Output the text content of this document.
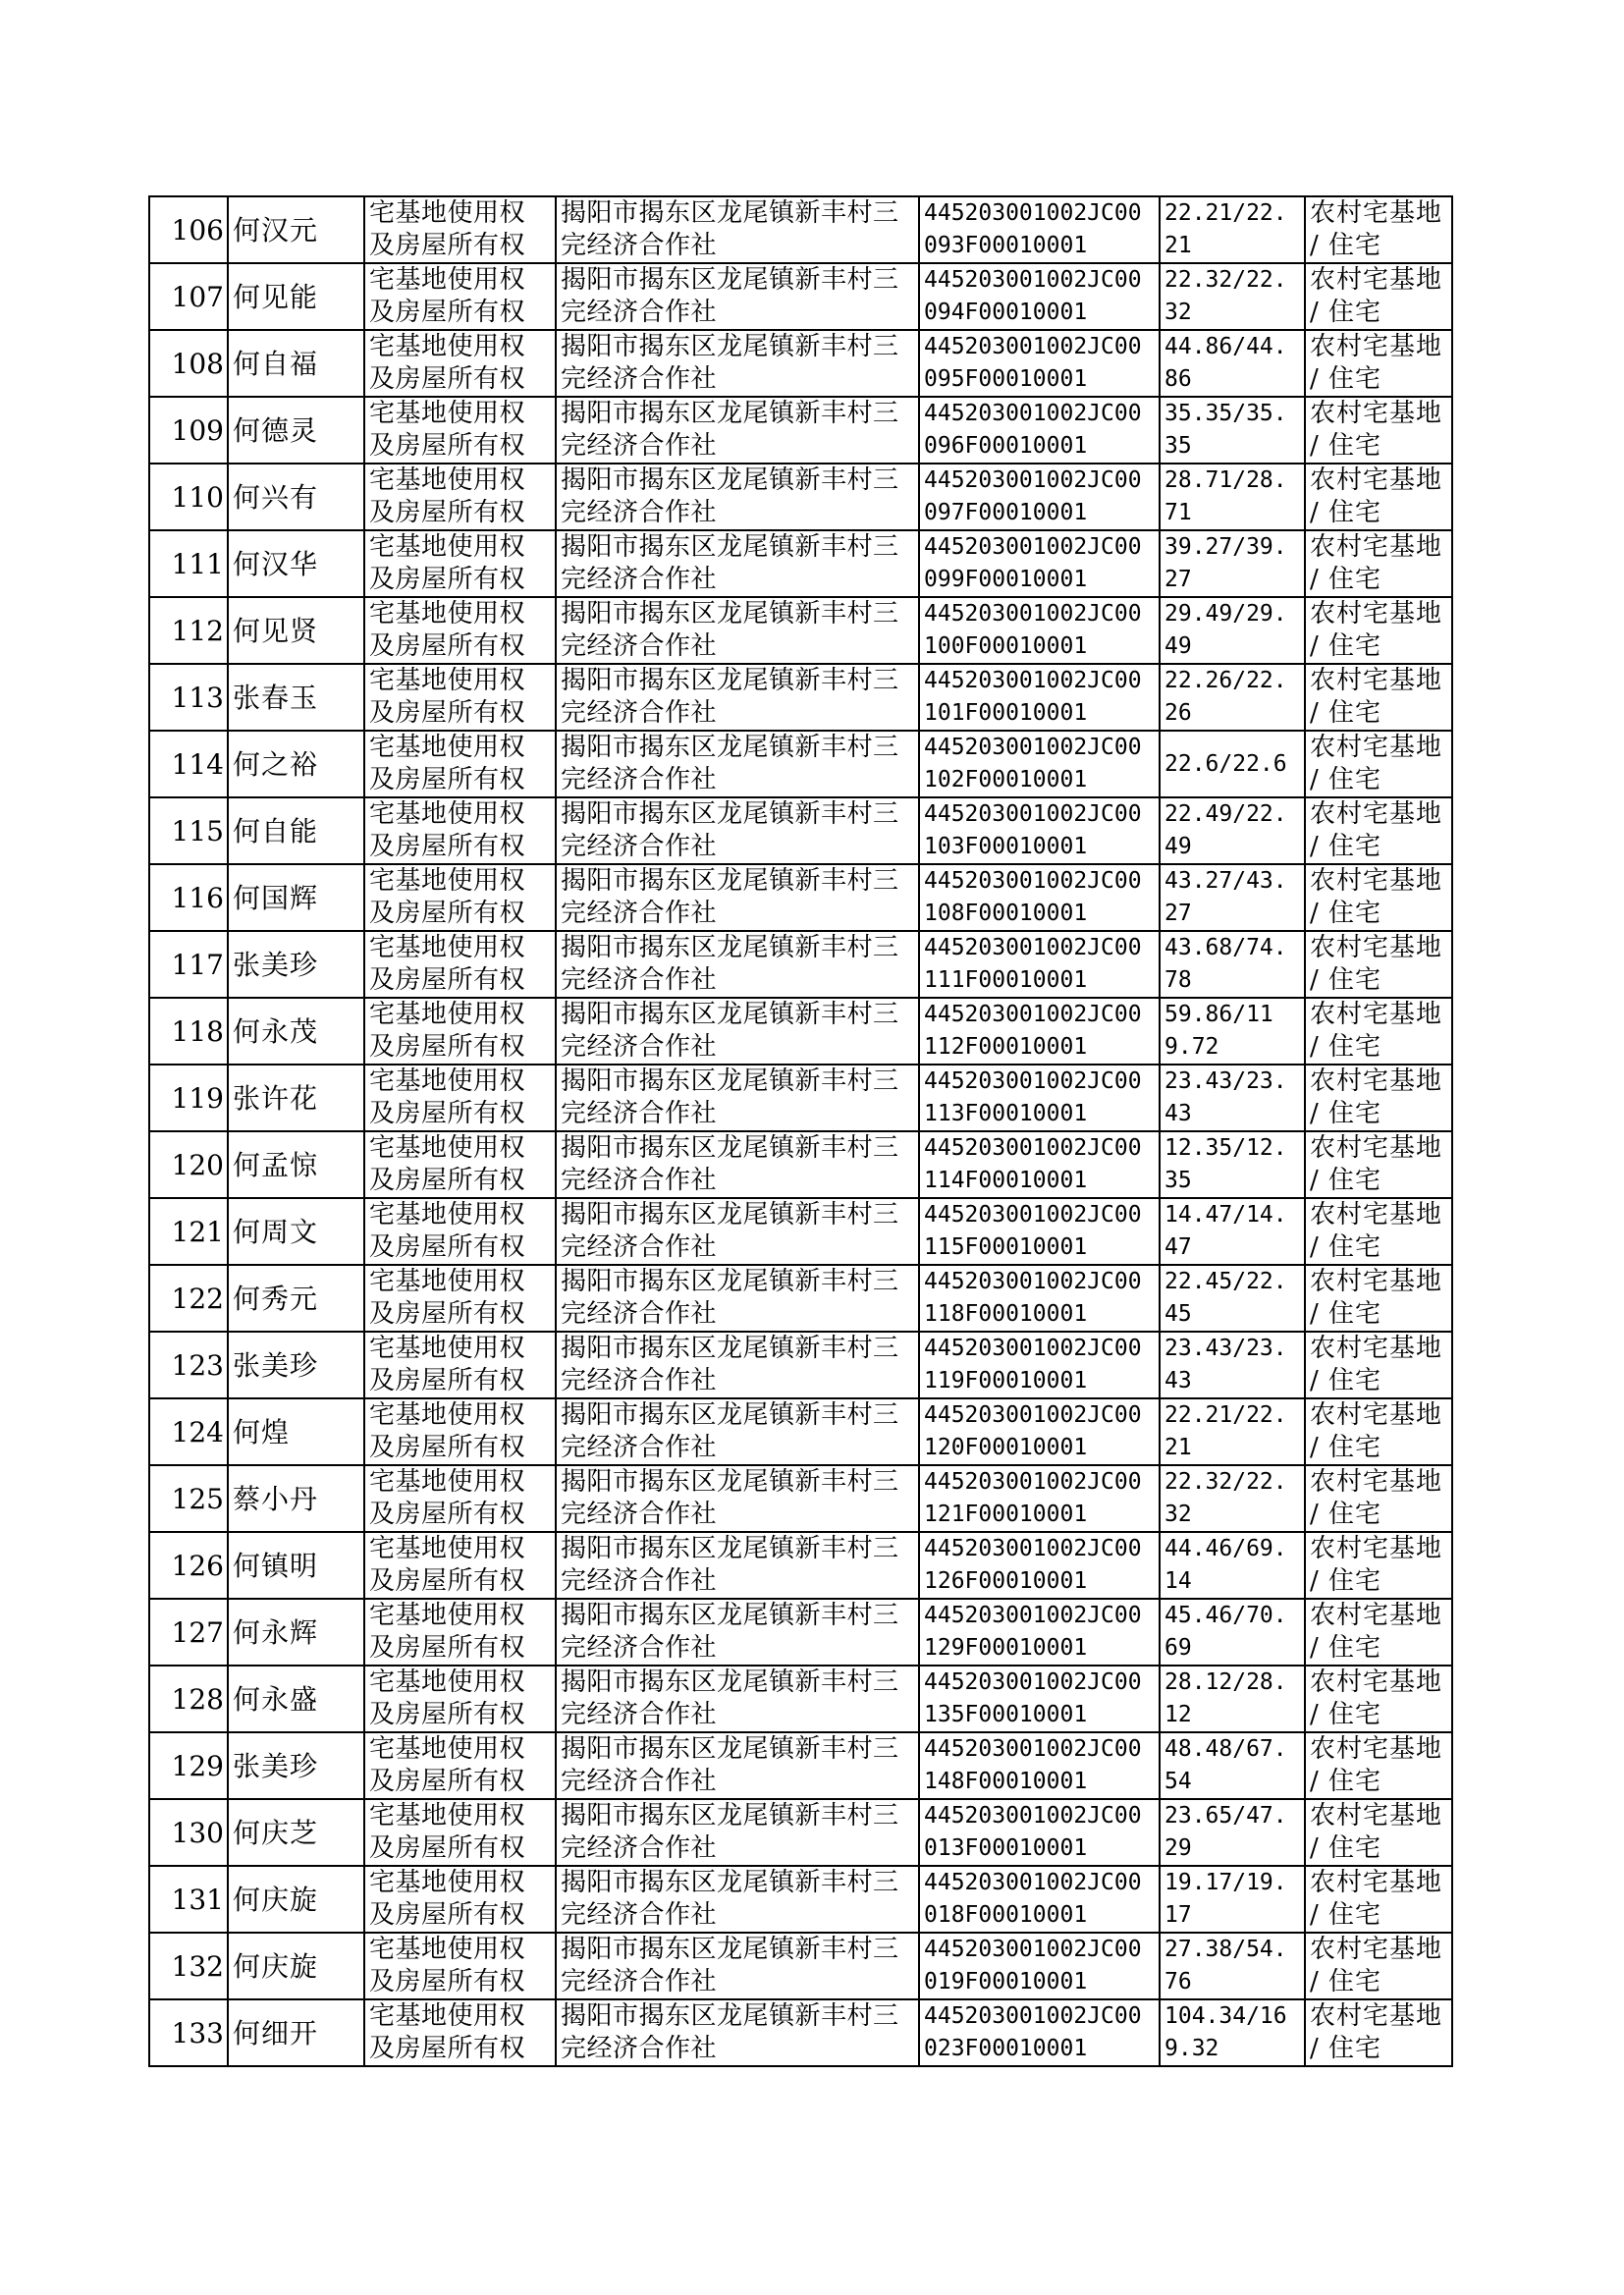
106	何汉元	宅基地使用权及房屋所有权	揭阳市揭东区龙尾镇新丰村三完经济合作社	445203001002JC00093F00010001	22.21/22.21	农村宅基地 / 住宅
107	何见能	宅基地使用权及房屋所有权	揭阳市揭东区龙尾镇新丰村三完经济合作社	445203001002JC00094F00010001	22.32/22.32	农村宅基地 / 住宅
108	何自福	宅基地使用权及房屋所有权	揭阳市揭东区龙尾镇新丰村三完经济合作社	445203001002JC00095F00010001	44.86/44.86	农村宅基地 / 住宅
109	何德灵	宅基地使用权及房屋所有权	揭阳市揭东区龙尾镇新丰村三完经济合作社	445203001002JC00096F00010001	35.35/35.35	农村宅基地 / 住宅
110	何兴有	宅基地使用权及房屋所有权	揭阳市揭东区龙尾镇新丰村三完经济合作社	445203001002JC00097F00010001	28.71/28.71	农村宅基地 / 住宅
111	何汉华	宅基地使用权及房屋所有权	揭阳市揭东区龙尾镇新丰村三完经济合作社	445203001002JC00099F00010001	39.27/39.27	农村宅基地 / 住宅
112	何见贤	宅基地使用权及房屋所有权	揭阳市揭东区龙尾镇新丰村三完经济合作社	445203001002JC00100F00010001	29.49/29.49	农村宅基地 / 住宅
113	张春玉	宅基地使用权及房屋所有权	揭阳市揭东区龙尾镇新丰村三完经济合作社	445203001002JC00101F00010001	22.26/22.26	农村宅基地 / 住宅
114	何之裕	宅基地使用权及房屋所有权	揭阳市揭东区龙尾镇新丰村三完经济合作社	445203001002JC00102F00010001	22.6/22.6	农村宅基地 / 住宅
115	何自能	宅基地使用权及房屋所有权	揭阳市揭东区龙尾镇新丰村三完经济合作社	445203001002JC00103F00010001	22.49/22.49	农村宅基地 / 住宅
116	何国辉	宅基地使用权及房屋所有权	揭阳市揭东区龙尾镇新丰村三完经济合作社	445203001002JC00108F00010001	43.27/43.27	农村宅基地 / 住宅
117	张美珍	宅基地使用权及房屋所有权	揭阳市揭东区龙尾镇新丰村三完经济合作社	445203001002JC00111F00010001	43.68/74.78	农村宅基地 / 住宅
118	何永茂	宅基地使用权及房屋所有权	揭阳市揭东区龙尾镇新丰村三完经济合作社	445203001002JC00112F00010001	59.86/119.72	农村宅基地 / 住宅
119	张许花	宅基地使用权及房屋所有权	揭阳市揭东区龙尾镇新丰村三完经济合作社	445203001002JC00113F00010001	23.43/23.43	农村宅基地 / 住宅
120	何孟惊	宅基地使用权及房屋所有权	揭阳市揭东区龙尾镇新丰村三完经济合作社	445203001002JC00114F00010001	12.35/12.35	农村宅基地 / 住宅
121	何周文	宅基地使用权及房屋所有权	揭阳市揭东区龙尾镇新丰村三完经济合作社	445203001002JC00115F00010001	14.47/14.47	农村宅基地 / 住宅
122	何秀元	宅基地使用权及房屋所有权	揭阳市揭东区龙尾镇新丰村三完经济合作社	445203001002JC00118F00010001	22.45/22.45	农村宅基地 / 住宅
123	张美珍	宅基地使用权及房屋所有权	揭阳市揭东区龙尾镇新丰村三完经济合作社	445203001002JC00119F00010001	23.43/23.43	农村宅基地 / 住宅
124	何煌	宅基地使用权及房屋所有权	揭阳市揭东区龙尾镇新丰村三完经济合作社	445203001002JC00120F00010001	22.21/22.21	农村宅基地 / 住宅
125	蔡小丹	宅基地使用权及房屋所有权	揭阳市揭东区龙尾镇新丰村三完经济合作社	445203001002JC00121F00010001	22.32/22.32	农村宅基地 / 住宅
126	何镇明	宅基地使用权及房屋所有权	揭阳市揭东区龙尾镇新丰村三完经济合作社	445203001002JC00126F00010001	44.46/69.14	农村宅基地 / 住宅
127	何永辉	宅基地使用权及房屋所有权	揭阳市揭东区龙尾镇新丰村三完经济合作社	445203001002JC00129F00010001	45.46/70.69	农村宅基地 / 住宅
128	何永盛	宅基地使用权及房屋所有权	揭阳市揭东区龙尾镇新丰村三完经济合作社	445203001002JC00135F00010001	28.12/28.12	农村宅基地 / 住宅
129	张美珍	宅基地使用权及房屋所有权	揭阳市揭东区龙尾镇新丰村三完经济合作社	445203001002JC00148F00010001	48.48/67.54	农村宅基地 / 住宅
130	何庆芝	宅基地使用权及房屋所有权	揭阳市揭东区龙尾镇新丰村三完经济合作社	445203001002JC00013F00010001	23.65/47.29	农村宅基地 / 住宅
131	何庆旋	宅基地使用权及房屋所有权	揭阳市揭东区龙尾镇新丰村三完经济合作社	445203001002JC00018F00010001	19.17/19.17	农村宅基地 / 住宅
132	何庆旋	宅基地使用权及房屋所有权	揭阳市揭东区龙尾镇新丰村三完经济合作社	445203001002JC00019F00010001	27.38/54.76	农村宅基地 / 住宅
133	何细开	宅基地使用权及房屋所有权	揭阳市揭东区龙尾镇新丰村三完经济合作社	445203001002JC00023F00010001	104.34/169.32	农村宅基地 / 住宅
